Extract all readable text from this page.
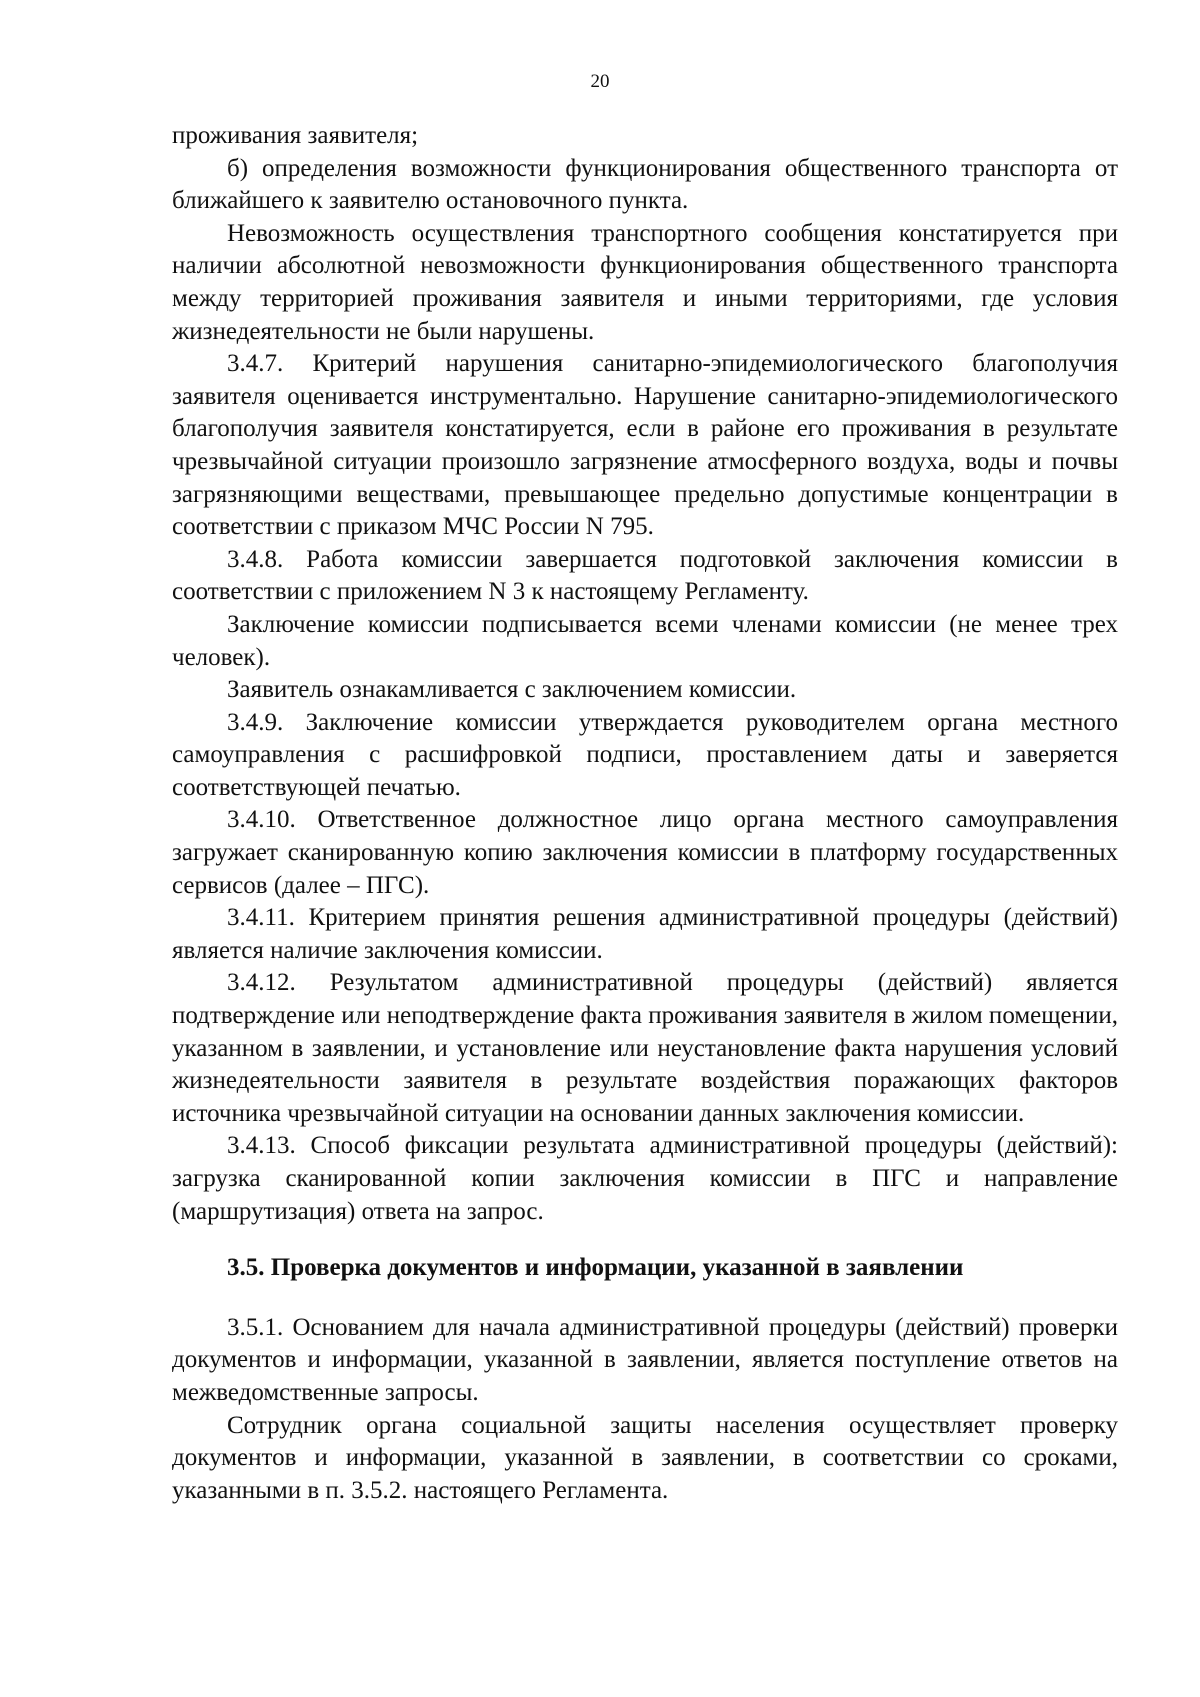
20

проживания заявителя;

б) определения возможности функционирования общественного транспорта от ближайшего к заявителю остановочного пункта.

Невозможность осуществления транспортного сообщения констатируется при наличии абсолютной невозможности функционирования общественного транспорта между территорией проживания заявителя и иными территориями, где условия жизнедеятельности не были нарушены.

3.4.7. Критерий нарушения санитарно-эпидемиологического благополучия заявителя оценивается инструментально. Нарушение санитарно-эпидемиологического благополучия заявителя констатируется, если в районе его проживания в результате чрезвычайной ситуации произошло загрязнение атмосферного воздуха, воды и почвы загрязняющими веществами, превышающее предельно допустимые концентрации в соответствии с приказом МЧС России N 795.

3.4.8. Работа комиссии завершается подготовкой заключения комиссии в соответствии с приложением N 3 к настоящему Регламенту.

Заключение комиссии подписывается всеми членами комиссии (не менее трех человек).

Заявитель ознакамливается с заключением комиссии.

3.4.9. Заключение комиссии утверждается руководителем органа местного самоуправления с расшифровкой подписи, проставлением даты и заверяется соответствующей печатью.

3.4.10. Ответственное должностное лицо органа местного самоуправления загружает сканированную копию заключения комиссии в платформу государственных сервисов (далее – ПГС).

3.4.11. Критерием принятия решения административной процедуры (действий) является наличие заключения комиссии.

3.4.12. Результатом административной процедуры (действий) является подтверждение или неподтверждение факта проживания заявителя в жилом помещении, указанном в заявлении, и установление или неустановление факта нарушения условий жизнедеятельности заявителя в результате воздействия поражающих факторов источника чрезвычайной ситуации на основании данных заключения комиссии.

3.4.13. Способ фиксации результата административной процедуры (действий): загрузка сканированной копии заключения комиссии в ПГС и направление (маршрутизация) ответа на запрос.

3.5. Проверка документов и информации, указанной в заявлении

3.5.1. Основанием для начала административной процедуры (действий) проверки документов и информации, указанной в заявлении, является поступление ответов на межведомственные запросы.

Сотрудник органа социальной защиты населения осуществляет проверку документов и информации, указанной в заявлении, в соответствии со сроками, указанными в п. 3.5.2. настоящего Регламента.
